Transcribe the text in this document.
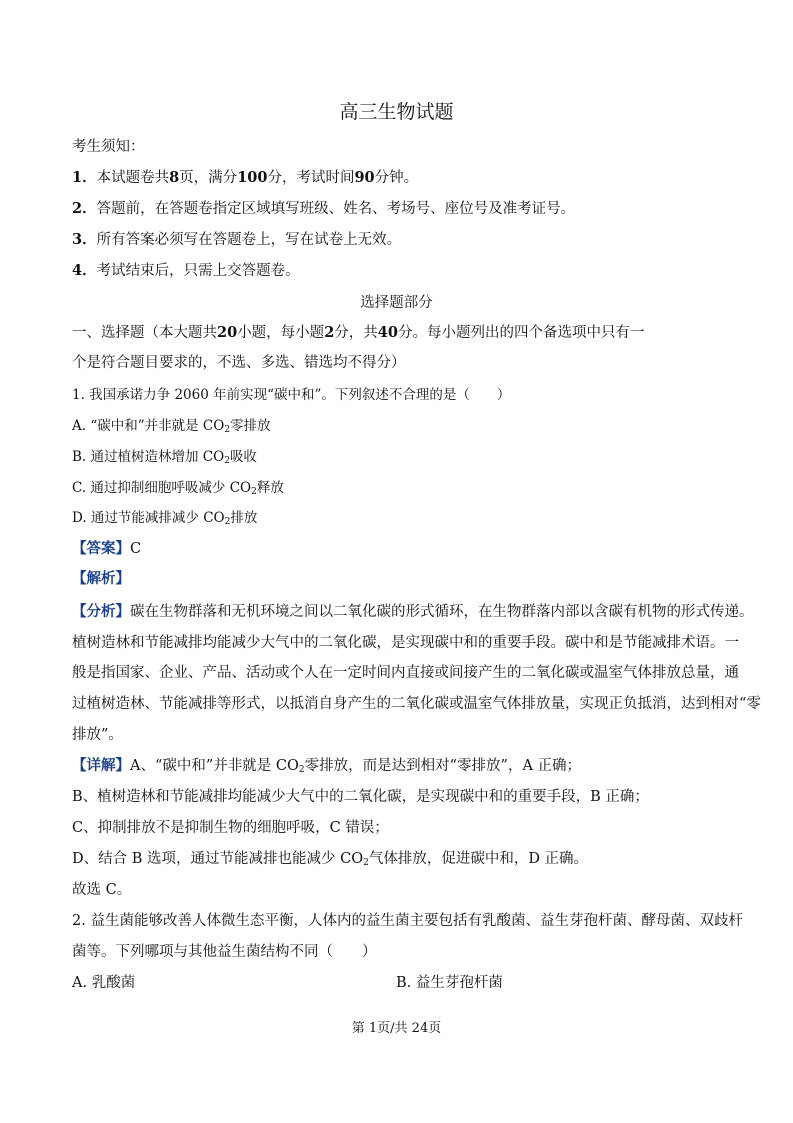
高三生物试题
考生须知：
1．本试题卷共8页，满分100分，考试时间90分钟。
2．答题前，在答题卷指定区域填写班级、姓名、考场号、座位号及准考证号。
3．所有答案必须写在答题卷上，写在试卷上无效。
4．考试结束后，只需上交答题卷。
选择题部分
一、选择题（本大题共20小题，每小题2分，共40分。每小题列出的四个备选项中只有一
个是符合题目要求的，不选、多选、错选均不得分）
1. 我国承诺力争 2060 年前实现“碳中和”。下列叙述不合理的是（　　）
A. “碳中和”并非就是 $CO_2$零排放
B. 通过植树造林增加 $CO_2$吸收
C. 通过抑制细胞呼吸减少 $CO_2$释放
D. 通过节能减排减少 $CO_2$排放
【答案】C
【解析】
【分析】碳在生物群落和无机环境之间以二氧化碳的形式循环，在生物群落内部以含碳有机物的形式传递。
植树造林和节能减排均能减少大气中的二氧化碳，是实现碳中和的重要手段。碳中和是节能减排术语。一
般是指国家、企业、产品、活动或个人在一定时间内直接或间接产生的二氧化碳或温室气体排放总量，通
过植树造林、节能减排等形式，以抵消自身产生的二氧化碳或温室气体排放量，实现正负抵消，达到相对“零
排放”。
【详解】A、“碳中和”并非就是 $CO_2$零排放，而是达到相对“零排放”，A 正确；
B、植树造林和节能减排均能减少大气中的二氧化碳，是实现碳中和的重要手段，B 正确；
C、抑制排放不是抑制生物的细胞呼吸，C 错误；
D、结合 B 选项，通过节能减排也能减少 $CO_2$气体排放，促进碳中和，D 正确。
故选 C。
2. 益生菌能够改善人体微生态平衡，人体内的益生菌主要包括有乳酸菌、益生芽孢杆菌、酵母菌、双歧杆
菌等。下列哪项与其他益生菌结构不同（　　）
A. 乳酸菌	B. 益生芽孢杆菌
第 1页/共 24页
